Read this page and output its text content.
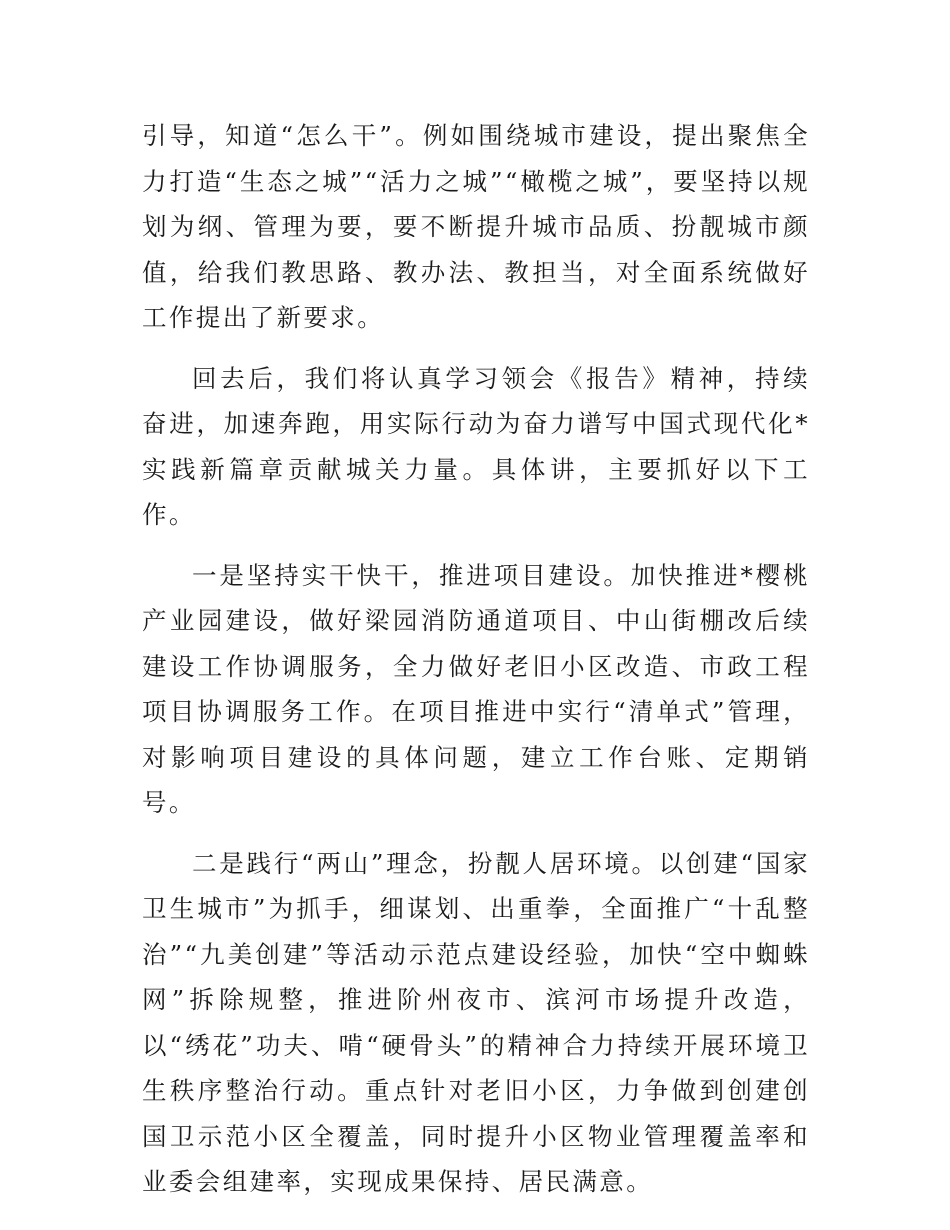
引导，知道“怎么干”。例如围绕城市建设，提出聚焦全力打造“生态之城”“活力之城”“橄榄之城”，要坚持以规划为纲、管理为要，要不断提升城市品质、扮靓城市颜值，给我们教思路、教办法、教担当，对全面系统做好工作提出了新要求。

回去后，我们将认真学习领会《报告》精神，持续奋进，加速奔跑，用实际行动为奋力谱写中国式现代化*实践新篇章贡献城关力量。具体讲，主要抓好以下工作。

一是坚持实干快干，推进项目建设。加快推进*樱桃产业园建设，做好梁园消防通道项目、中山街棚改后续建设工作协调服务，全力做好老旧小区改造、市政工程项目协调服务工作。在项目推进中实行“清单式”管理，对影响项目建设的具体问题，建立工作台账、定期销号。

二是践行“两山”理念，扮靓人居环境。以创建“国家卫生城市”为抓手，细谋划、出重拳，全面推广“十乱整治”“九美创建”等活动示范点建设经验，加快“空中蜘蛛网”拆除规整，推进阶州夜市、滨河市场提升改造，以“绣花”功夫、啃“硬骨头”的精神合力持续开展环境卫生秩序整治行动。重点针对老旧小区，力争做到创建创国卫示范小区全覆盖，同时提升小区物业管理覆盖率和业委会组建率，实现成果保持、居民满意。
